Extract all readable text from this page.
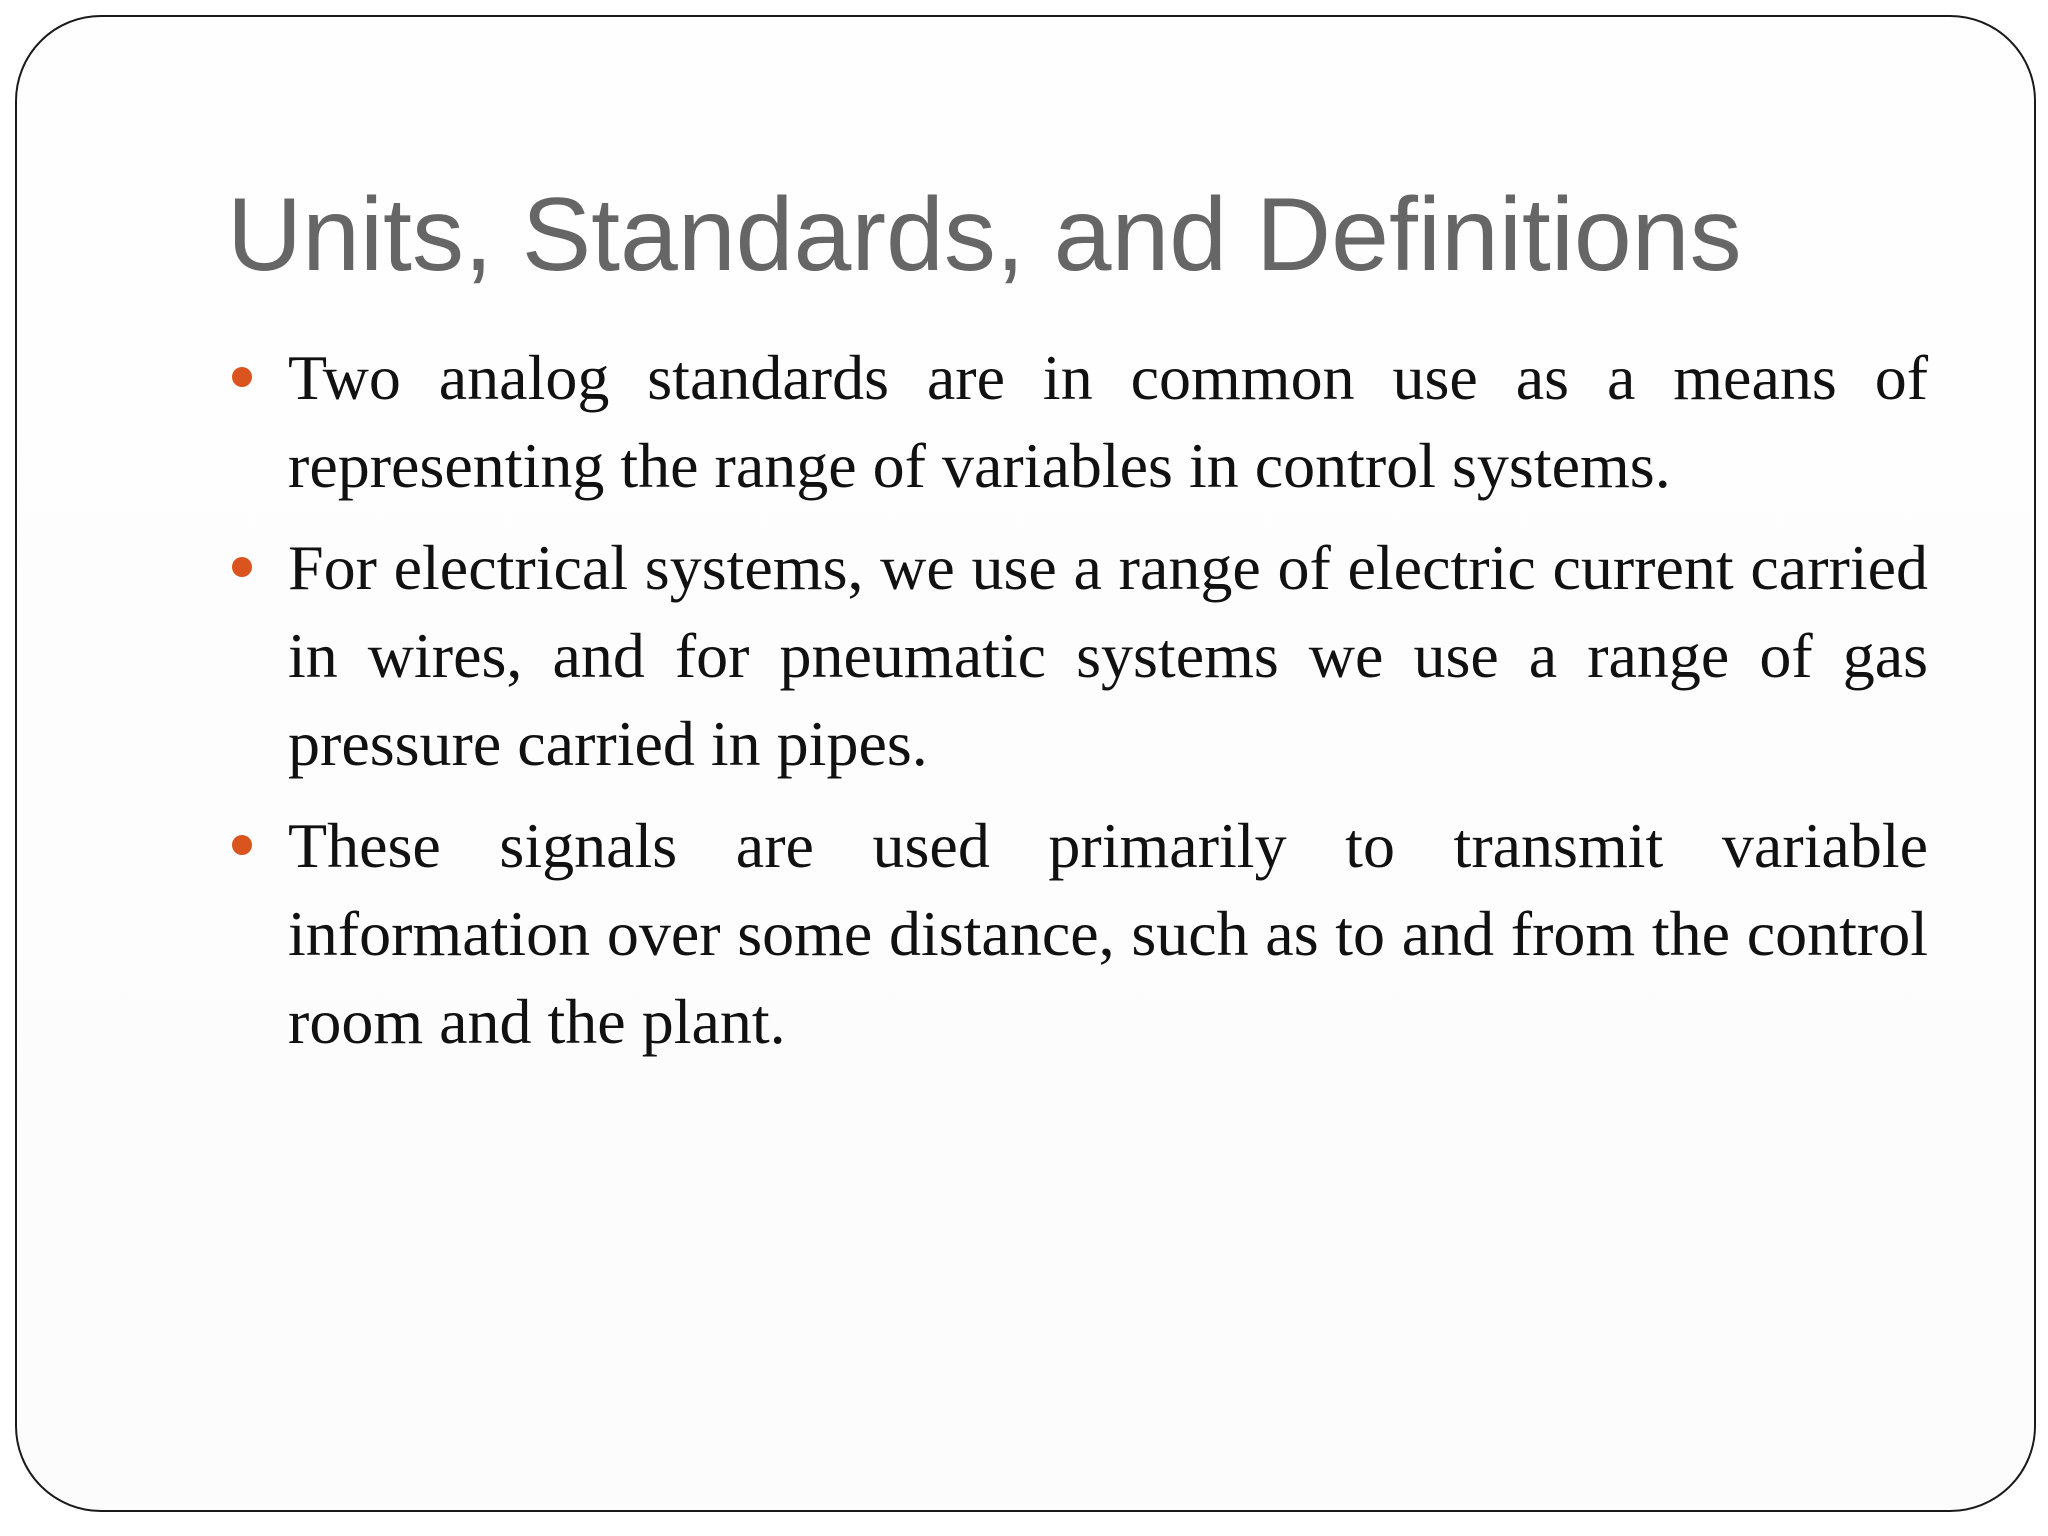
Units, Standards, and Definitions
Two analog standards are in common use as a means of representing the range of variables in control systems.
For electrical systems, we use a range of electric current carried in wires, and for pneumatic systems we use a range of gas pressure carried in pipes.
These signals are used primarily to transmit variable information over some distance, such as to and from the control room and the plant.
